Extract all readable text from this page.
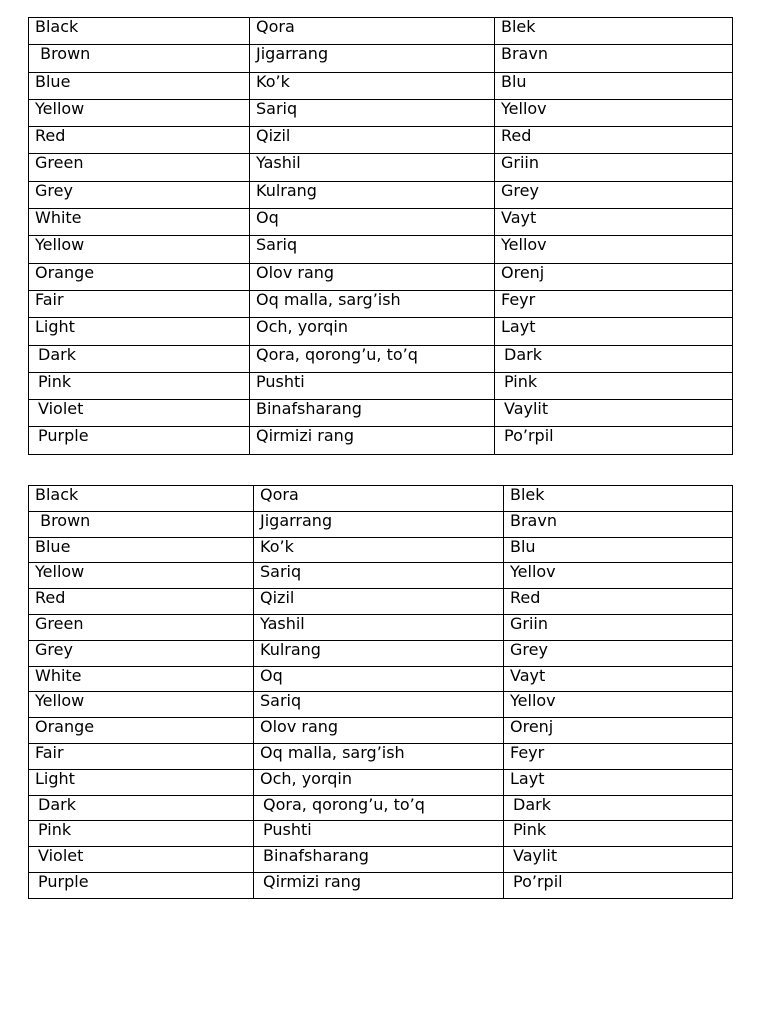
Black	Qora	Blek
Brown	Jigarrang	Bravn
Blue	Ko’k	Blu
Yellow	Sariq	Yellov
Red	Qizil	Red
Green	Yashil	Griin
Grey	Kulrang	Grey
White	Oq	Vayt
Yellow	Sariq	Yellov
Orange	Olov rang	Orenj
Fair	Oq malla, sarg’ish	Feyr
Light	Och, yorqin	Layt
Dark	Qora, qorong’u, to’q	Dark
Pink	Pushti	Pink
Violet	Binafsharang	Vaylit
Purple	Qirmizi rang	Po’rpil
Black	Qora	Blek
Brown	Jigarrang	Bravn
Blue	Ko’k	Blu
Yellow	Sariq	Yellov
Red	Qizil	Red
Green	Yashil	Griin
Grey	Kulrang	Grey
White	Oq	Vayt
Yellow	Sariq	Yellov
Orange	Olov rang	Orenj
Fair	Oq malla, sarg’ish	Feyr
Light	Och, yorqin	Layt
Dark	Qora, qorong’u, to’q	Dark
Pink	Pushti	Pink
Violet	Binafsharang	Vaylit
Purple	Qirmizi rang	Po’rpil
